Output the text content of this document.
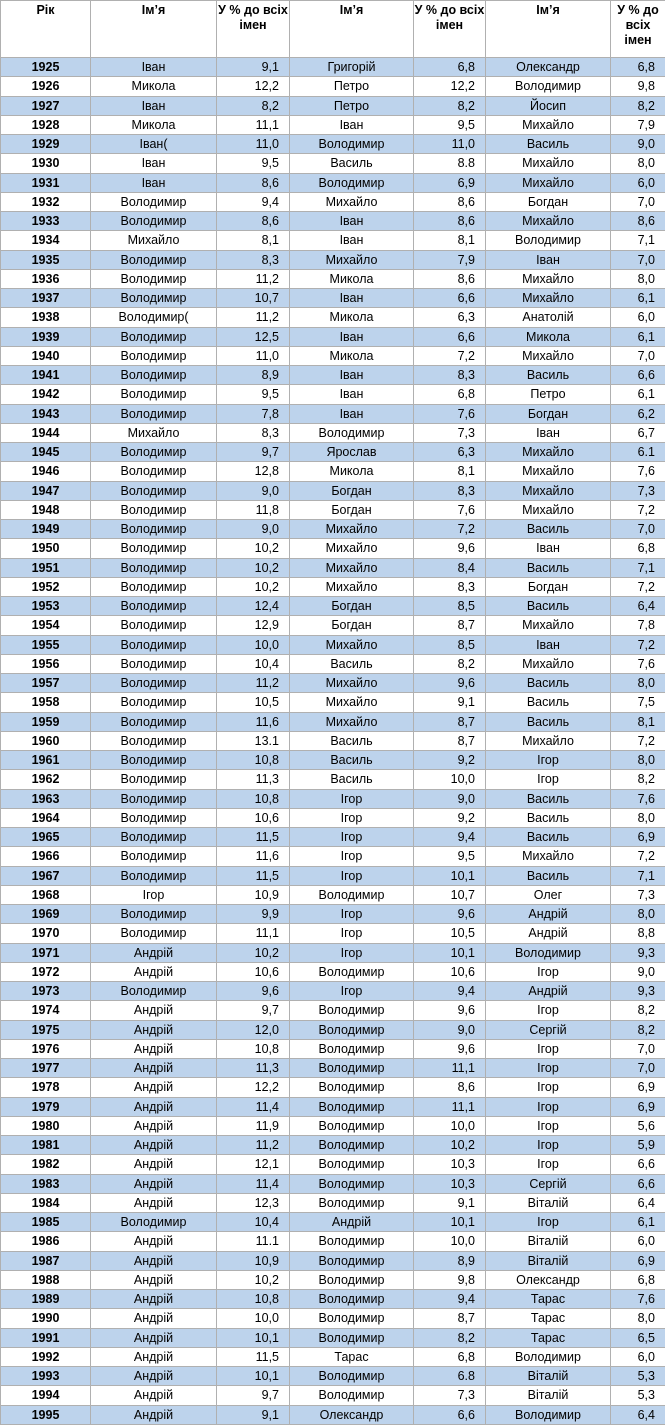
Рік	Ім’я	У % до всіх імен	Ім’я	У % до всіх імен	Ім’я	У % до всіх імен
1925	Іван	9,1	Григорій	6,8	Олександр	6,8
1926	Микола	12,2	Петро	12,2	Володимир	9,8
1927	Іван	8,2	Петро	8,2	Йосип	8,2
1928	Микола	11,1	Іван	9,5	Михайло	7,9
1929	Іван(	11,0	Володимир	11,0	Василь	9,0
1930	Іван	9,5	Василь	8.8	Михайло	8,0
1931	Іван	8,6	Володимир	6,9	Михайло	6,0
1932	Володимир	9,4	Михайло	8,6	Богдан	7,0
1933	Володимир	8,6	Іван	8,6	Михайло	8,6
1934	Михайло	8,1	Іван	8,1	Володимир	7,1
1935	Володимир	8,3	Михайло	7,9	Іван	7,0
1936	Володимир	11,2	Микола	8,6	Михайло	8,0
1937	Володимир	10,7	Іван	6,6	Михайло	6,1
1938	Володимир(	11,2	Микола	6,3	Анатолій	6,0
1939	Володимир	12,5	Іван	6,6	Микола	6,1
1940	Володимир	11,0	Микола	7,2	Михайло	7,0
1941	Володимир	8,9	Іван	8,3	Василь	6,6
1942	Володимир	9,5	Іван	6,8	Петро	6,1
1943	Володимир	7,8	Іван	7,6	Богдан	6,2
1944	Михайло	8,3	Володимир	7,3	Іван	6,7
1945	Володимир	9,7	Ярослав	6,3	Михайло	6.1
1946	Володимир	12,8	Микола	8,1	Михайло	7,6
1947	Володимир	9,0	Богдан	8,3	Михайло	7,3
1948	Володимир	11,8	Богдан	7,6	Михайло	7,2
1949	Володимир	9,0	Михайло	7,2	Василь	7,0
1950	Володимир	10,2	Михайло	9,6	Іван	6,8
1951	Володимир	10,2	Михайло	8,4	Василь	7,1
1952	Володимир	10,2	Михайло	8,3	Богдан	7,2
1953	Володимир	12,4	Богдан	8,5	Василь	6,4
1954	Володимир	12,9	Богдан	8,7	Михайло	7,8
1955	Володимир	10,0	Михайло	8,5	Іван	7,2
1956	Володимир	10,4	Василь	8,2	Михайло	7,6
1957	Володимир	11,2	Михайло	9,6	Василь	8,0
1958	Володимир	10,5	Михайло	9,1	Василь	7,5
1959	Володимир	11,6	Михайло	8,7	Василь	8,1
1960	Володимир	13.1	Василь	8,7	Михайло	7,2
1961	Володимир	10,8	Василь	9,2	Ігор	8,0
1962	Володимир	11,3	Василь	10,0	Ігор	8,2
1963	Володимир	10,8	Ігор	9,0	Василь	7,6
1964	Володимир	10,6	Ігор	9,2	Василь	8,0
1965	Володимир	11,5	Ігор	9,4	Василь	6,9
1966	Володимир	11,6	Ігор	9,5	Михайло	7,2
1967	Володимир	11,5	Ігор	10,1	Василь	7,1
1968	Ігор	10,9	Володимир	10,7	Олег	7,3
1969	Володимир	9,9	Ігор	9,6	Андрій	8,0
1970	Володимир	11,1	Ігор	10,5	Андрій	8,8
1971	Андрій	10,2	Ігор	10,1	Володимир	9,3
1972	Андрій	10,6	Володимир	10,6	Ігор	9,0
1973	Володимир	9,6	Ігор	9,4	Андрій	9,3
1974	Андрій	9,7	Володимир	9,6	Ігор	8,2
1975	Андрій	12,0	Володимир	9,0	Сергій	8,2
1976	Андрій	10,8	Володимир	9,6	Ігор	7,0
1977	Андрій	11,3	Володимир	11,1	Ігор	7,0
1978	Андрій	12,2	Володимир	8,6	Ігор	6,9
1979	Андрій	11,4	Володимир	11,1	Ігор	6,9
1980	Андрій	11,9	Володимир	10,0	Ігор	5,6
1981	Андрій	11,2	Володимир	10,2	Ігор	5,9
1982	Андрій	12,1	Володимир	10,3	Ігор	6,6
1983	Андрій	11,4	Володимир	10,3	Сергій	6,6
1984	Андрій	12,3	Володимир	9,1	Віталій	6,4
1985	Володимир	10,4	Андрій	10,1	Ігор	6,1
1986	Андрій	11.1	Володимир	10,0	Віталій	6,0
1987	Андрій	10,9	Володимир	8,9	Віталій	6,9
1988	Андрій	10,2	Володимир	9,8	Олександр	6,8
1989	Андрій	10,8	Володимир	9,4	Тарас	7,6
1990	Андрій	10,0	Володимир	8,7	Тарас	8,0
1991	Андрій	10,1	Володимир	8,2	Тарас	6,5
1992	Андрій	11,5	Тарас	6,8	Володимир	6,0
1993	Андрій	10,1	Володимир	6.8	Віталій	5,3
1994	Андрій	9,7	Володимир	7,3	Віталій	5,3
1995	Андрій	9,1	Олександр	6,6	Володимир	6,4
